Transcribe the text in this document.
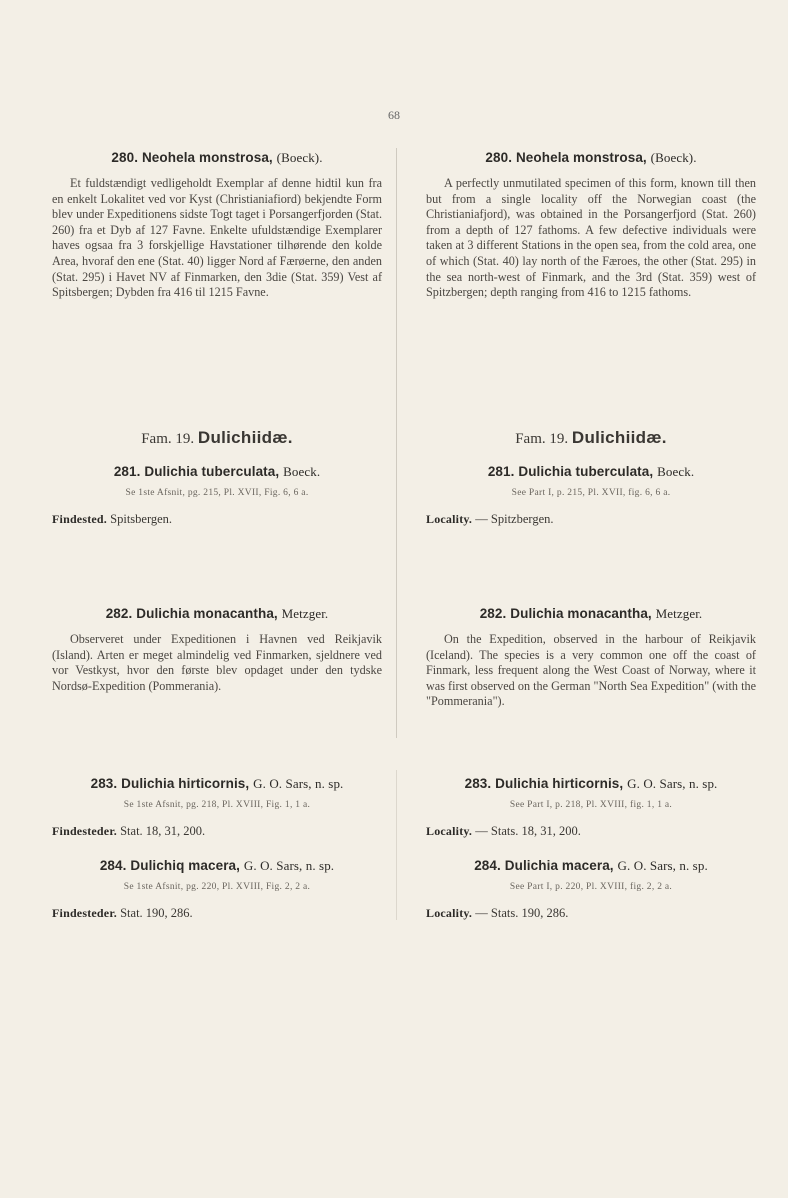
68
280. Neohela monstrosa, (Boeck).

Et fuldstændigt vedligeholdt Exemplar af denne hidtil kun fra en enkelt Lokalitet ved vor Kyst (Christianiafiord) bekjendte Form blev under Expeditionens sidste Togt taget i Porsangerfjorden (Stat. 260) fra et Dyb af 127 Favne. Enkelte ufuldstændige Exemplarer haves ogsaa fra 3 forskjellige Havstationer tilhørende den kolde Area, hvoraf den ene (Stat. 40) ligger Nord af Færøerne, den anden (Stat. 295) i Havet NV af Finmarken, den 3die (Stat. 359) Vest af Spitsbergen; Dybden fra 416 til 1215 Favne.

Fam. 19. Dulichiidæ.
281. Dulichia tuberculata, Boeck.
Se 1ste Afsnit, pg. 215, Pl. XVII, Fig. 6, 6 a.
Findested. Spitsbergen.
282. Dulichia monacantha, Metzger.

Observeret under Expeditionen i Havnen ved Reikjavik (Island). Arten er meget almindelig ved Finmarken, sjeldnere ved vor Vestkyst, hvor den første blev opdaget under den tydske Nordsø-Expedition (Pommerania).

283. Dulichia hirticornis, G. O. Sars, n. sp.
Se 1ste Afsnit, pg. 218, Pl. XVIII, Fig. 1, 1 a.
Findesteder. Stat. 18, 31, 200.
284. Dulichiq macera, G. O. Sars, n. sp.
Se 1ste Afsnit, pg. 220, Pl. XVIII, Fig. 2, 2 a.
Findesteder. Stat. 190, 286.
280. Neohela monstrosa, (Boeck).

A perfectly unmutilated specimen of this form, known till then but from a single locality off the Norwegian coast (the Christianiafjord), was obtained in the Porsangerfjord (Stat. 260) from a depth of 127 fathoms. A few defective individuals were taken at 3 different Stations in the open sea, from the cold area, one of which (Stat. 40) lay north of the Færoes, the other (Stat. 295) in the sea north-west of Finmark, and the 3rd (Stat. 359) west of Spitzbergen; depth ranging from 416 to 1215 fathoms.

Fam. 19. Dulichiidæ.
281. Dulichia tuberculata, Boeck.
See Part I, p. 215, Pl. XVII, fig. 6, 6 a.
Locality. — Spitzbergen.
282. Dulichia monacantha, Metzger.

On the Expedition, observed in the harbour of Reikjavik (Iceland). The species is a very common one off the coast of Finmark, less frequent along the West Coast of Norway, where it was first observed on the German "North Sea Expedition" (with the "Pommerania").

283. Dulichia hirticornis, G. O. Sars, n. sp.
See Part I, p. 218, Pl. XVIII, fig. 1, 1 a.
Locality. — Stats. 18, 31, 200.
284. Dulichia macera, G. O. Sars, n. sp.
See Part I, p. 220, Pl. XVIII, fig. 2, 2 a.
Locality. — Stats. 190, 286.
